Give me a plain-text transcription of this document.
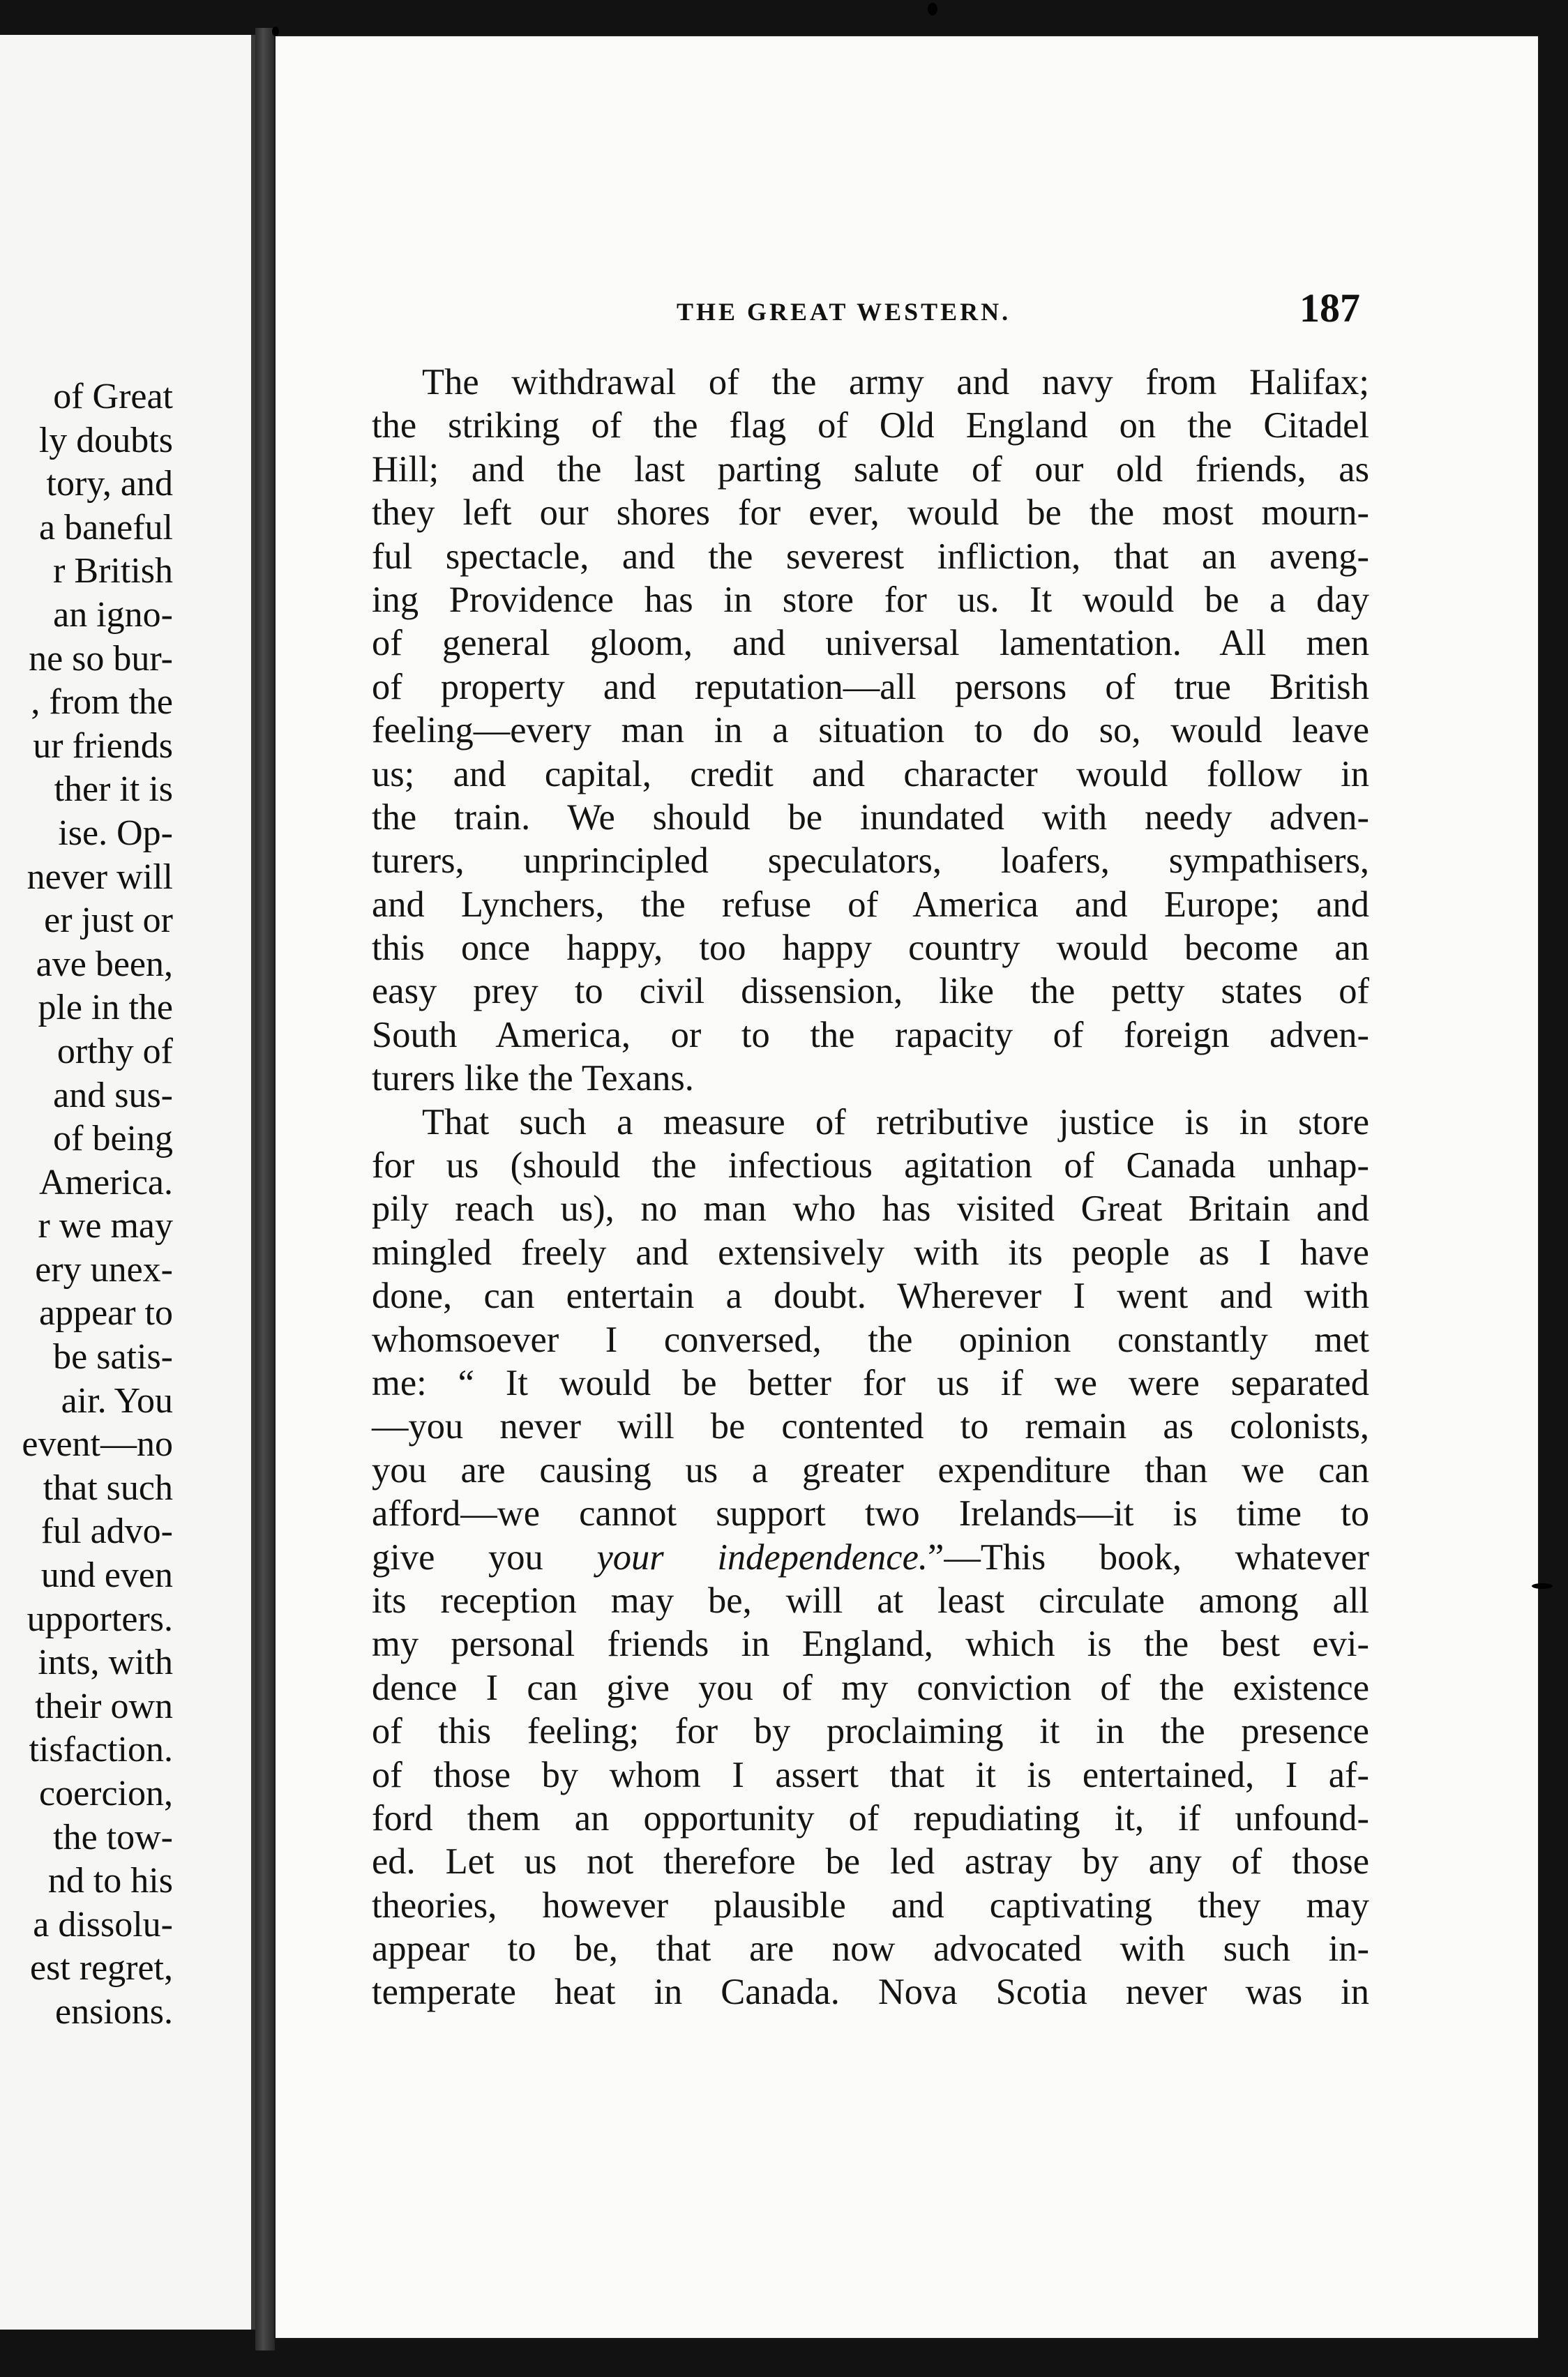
of Great
ly doubts
tory, and
a baneful
r British
an igno-
ne so bur-
, from the
ur friends
ther it is
ise. Op-
never will
er just or
ave been,
ple in the
orthy of
and sus-
of being
America.
r we may
ery unex-
appear to
be satis-
air. You
event—no
that such
ful advo-
und even
upporters.
ints, with
their own
tisfaction.
coercion,
the tow-
nd to his
a dissolu-
est regret,
ensions.
THE GREAT WESTERN.	187
The withdrawal of the army and navy from Halifax;
the striking of the flag of Old England on the Citadel
Hill; and the last parting salute of our old friends, as
they left our shores for ever, would be the most mourn-
ful spectacle, and the severest infliction, that an aveng-
ing Providence has in store for us. It would be a day
of general gloom, and universal lamentation. All men
of property and reputation—all persons of true British
feeling—every man in a situation to do so, would leave
us; and capital, credit and character would follow in
the train. We should be inundated with needy adven-
turers, unprincipled speculators, loafers, sympathisers,
and Lynchers, the refuse of America and Europe; and
this once happy, too happy country would become an
easy prey to civil dissension, like the petty states of
South America, or to the rapacity of foreign adven-
turers like the Texans.
That such a measure of retributive justice is in store
for us (should the infectious agitation of Canada unhap-
pily reach us), no man who has visited Great Britain and
mingled freely and extensively with its people as I have
done, can entertain a doubt. Wherever I went and with
whomsoever I conversed, the opinion constantly met
me: “ It would be better for us if we were separated
—you never will be contented to remain as colonists,
you are causing us a greater expenditure than we can
afford—we cannot support two Irelands—it is time to
give you your independence.”—This book, whatever
its reception may be, will at least circulate among all
my personal friends in England, which is the best evi-
dence I can give you of my conviction of the existence
of this feeling; for by proclaiming it in the presence
of those by whom I assert that it is entertained, I af-
ford them an opportunity of repudiating it, if unfound-
ed. Let us not therefore be led astray by any of those
theories, however plausible and captivating they may
appear to be, that are now advocated with such in-
temperate heat in Canada. Nova Scotia never was in
